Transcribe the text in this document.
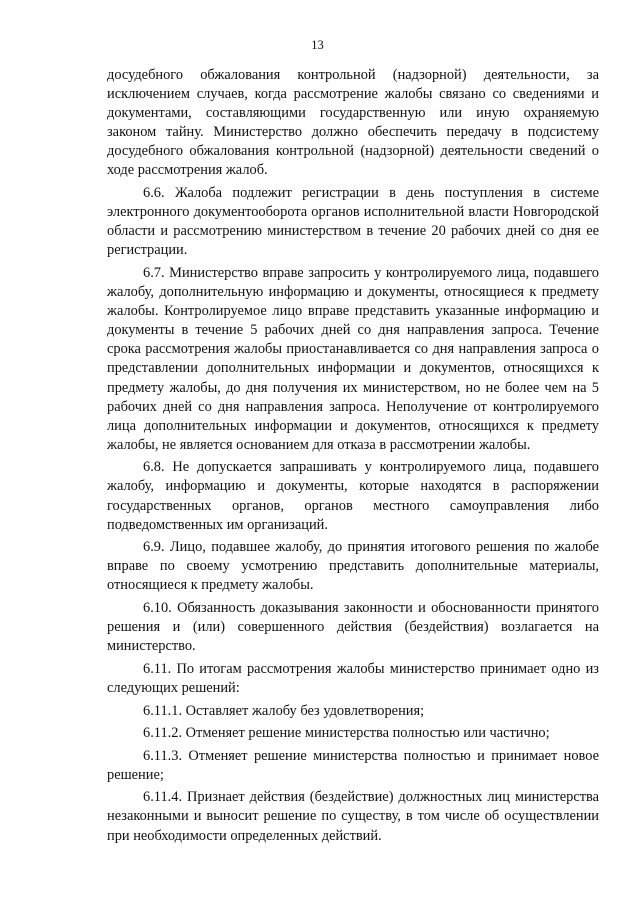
13

досудебного обжалования контрольной (надзорной) деятельности, за исключением случаев, когда рассмотрение жалобы связано со сведениями и документами, составляющими государственную или иную охраняемую законом тайну. Министерство должно обеспечить передачу в подсистему досудебного обжалования контрольной (надзорной) деятельности сведений о ходе рассмотрения жалоб.

6.6. Жалоба подлежит регистрации в день поступления в системе электронного документооборота органов исполнительной власти Новгородской области и рассмотрению министерством в течение 20 рабочих дней со дня ее регистрации.

6.7. Министерство вправе запросить у контролируемого лица, подавшего жалобу, дополнительную информацию и документы, относящиеся к предмету жалобы. Контролируемое лицо вправе представить указанные информацию и документы в течение 5 рабочих дней со дня направления запроса. Течение срока рассмотрения жалобы приостанавливается со дня направления запроса о представлении дополнительных информации и документов, относящихся к предмету жалобы, до дня получения их министерством, но не более чем на 5 рабочих дней со дня направления запроса. Неполучение от контролируемого лица дополнительных информации и документов, относящихся к предмету жалобы, не является основанием для отказа в рассмотрении жалобы.

6.8. Не допускается запрашивать у контролируемого лица, подавшего жалобу, информацию и документы, которые находятся в распоряжении государственных органов, органов местного самоуправления либо подведомственных им организаций.

6.9. Лицо, подавшее жалобу, до принятия итогового решения по жалобе вправе по своему усмотрению представить дополнительные материалы, относящиеся к предмету жалобы.

6.10. Обязанность доказывания законности и обоснованности принятого решения и (или) совершенного действия (бездействия) возлагается на министерство.

6.11. По итогам рассмотрения жалобы министерство принимает одно из следующих решений:

6.11.1. Оставляет жалобу без удовлетворения;

6.11.2. Отменяет решение министерства полностью или частично;

6.11.3. Отменяет решение министерства полностью и принимает новое решение;

6.11.4. Признает действия (бездействие) должностных лиц министерства незаконными и выносит решение по существу, в том числе об осуществлении при необходимости определенных действий.
